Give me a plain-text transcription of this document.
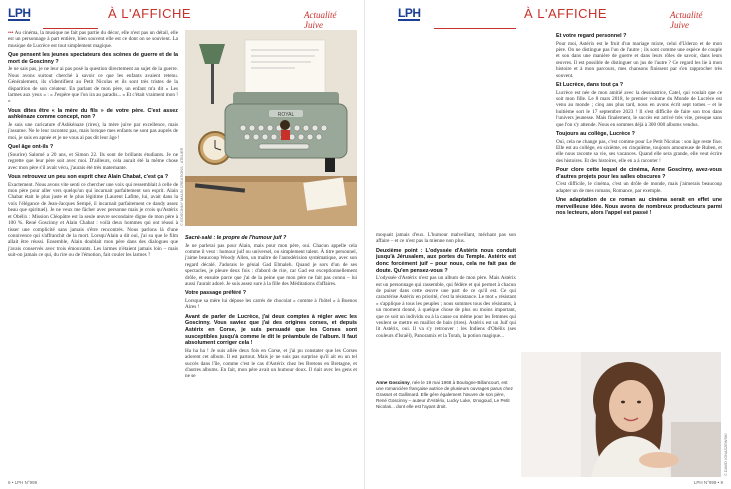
LPH	À L'AFFICHE	Actualité Juive

••• Au cinéma, la musique ne fait pas partie du décor, elle n'est pas un détail, elle est un personnage à part entière, bien souvent elle est ce dont on se souvient. La musique de Lucrèce est tout simplement magique.

Que pensent les jeunes spectateurs des scènes de guerre et de la mort de Goscinny ?

Je ne sais pas, je ne leur ai pas posé la question directement au sujet de la guerre. Nous avons surtout cherché à savoir ce que les enfants avaient retenu. Généralement, ils s'identifient au Petit Nicolas et ils sont très tristes de la disparition de son créateur. En parlant de mon père, un enfant m'a dit « Les larmes aux yeux » : « J'espère que l'on ira au paradis... » Et c'était vraiment mon ! »

Vous dites être « la mère du fils » de votre père. C'est assez ashkénaze comme concept, non ?

Je suis une caricature d'Ashkénaze (rires), la mère juive par excellence, mais j'assume. Ne le leur racontez pas, mais lorsque mes enfants ne sont pas auprès de moi, je suis en apnée et je ne vous ai pas dit leur âge !

Quel âge ont-ils ?

(Sourire) Salomé a 20 ans, et Simon 22. Ils sont de brillants étudiants. Je ne regrette que leur père soit avec moi. D'ailleurs, cela aurait été la même chose avec mon père s'il avait vécu, j'aurais été très maternante.

Vous retrouvez un peu son esprit chez Alain Chabat, c'est ça ?

Exactement. Nous avons vite senti ce chercher une voix qui ressemblait à celle de mon père pour aller vers quelqu'un qui incarnait parfaitement son esprit. Alain Chabat était le plus juste et le plus légitime (Laurent Lafitte, lui, avait dans la voix l'élégance de Jean-Jacques Sempé, il incarnait parfaitement ce dandy assez beau que spirituel). Je ne veux me fâcher avec personne mais je crois qu'Astérix et Obélix : Mission Cléopâtre est la seule œuvre secondaire digne de mon père à 100 %. René Goscinny et Alain Chabat : voilà deux hommes qui ont réussi à tisser une complicité sans jamais s'être rencontrés. Nous parlons là d'une connivence qui s'affranchit de la mort. Lorsqu'Alain a dit oui, j'ai su que le film allait être réussi. Ensemble, Alain doublait mon père dans des dialogues que j'avais conservés avec trois émouvants. Les larmes n'étaient jamais loin – mais suit-on jamais ce qui, du rire ou de l'émotion, fait couler les larmes ?

ROYAL
© GOSCINNY MALIN CREATIONS · ATELIER
Sacré-salé : le propre de l'humour juif ?

Je ne parlerai pas pour Alain, mais pour mon père, oui. Chacun appelle cela comme il veut : humour juif ou universel, ou simplement talent. À titre personnel, j'aime beaucoup Woody Allen, un maître de l'autodérision systématique, avec son regard décalé. J'adorais le génial Gad Elmaleh. Quand je sors d'un de ses spectacles, je pleure deux fois : d'abord de rire, car Gad est exceptionnellement drôle, et ensuite parce que j'ai de la peine que mon père ne fait pas connu – lui aussi l'aurait adoré. Je suis assez sure à la fille des Méditations d'affaires.

Votre passage préféré ?

Lorsque sa mère lui dépose les carrés de chocolat « comme à l'hôtel » à Buenos Aires !

Avant de parler de Lucrèce, j'ai deux comptes à régler avec les Goscinny. Vous saviez que j'ai des origines corses, et depuis Astérix en Corse, je suis persuadé que les Corses sont susceptibles jusqu'à comme le dit le préambule de l'album. Il faut absolument corriger cela !

Ha ha ha ! Je suis allée deux fois en Corse, et j'ai pu constater que les Corses adorent cet album. Il est partout. Mais je ne suis pas surprise qu'il ait eu un tel succès dans l'île, comme c'est le cas d'Astérix chez les Bretons en Bretagne, et d'autres albums. En fait, mon père avait un humour doux. Il riait avec les gens et ne se

6 • LPH N°999
LPH	À L'AFFICHE	Actualité Juive

moquait jamais d'eux. L'humour malveillant, méchant pas son affaire – et ce n'est pas la mienne non plus.

Deuxième point : L'odyssée d'Astérix nous conduit jusqu'à Jérusalem, aux portes du Temple. Astérix est donc forcément juif – pour nous, cela ne fait pas de doute. Qu'en pensez-vous ?

L'odyssée d'Astérix n'est pas un album de mon père. Mais Astérix est un personnage qui rassemble, qui fédère et qui permet à chacun de puiser dans cette œuvre une part de ce qu'il est. Ce qui caractérise Astérix en priorité, c'est la résistance. Le mot « résistant » s'applique à tous les peuples ; nous sommes tous des résistants, à un moment donné, à quelque chose de plus ou moins important, que ce soit un individu ou à la cause ou même pour les femmes qui veulent se mettre en maillot de bain (rires). Astérix est un Juif qui lit Astérix, oui. Il va s'y retrouver : les Indiens d'Obélix (ses couleurs d'Israël), Panoramix et la Torah, la potion magique...

Et votre regard personnel ?

Pour moi, Astérix est le fruit d'un mariage mixte, celui d'Uderzo et de mon père. On ne distingue pas l'un de l'autre ; ils sont comme une espèce de couple et son dans une manière de guerre et dans leurs rôles de savoir, dans leurs œuvres. Il est possible de distinguer un jus de l'autre ? Ce regard les lie à mon histoire et à mon parcours, mes chansons finissent par s'en rapprocher très souvent.

Et Lucrèce, dans tout ça ?

Lucrèce est née de mon amitié avec la dessinatrice, Catel, qui voulait que ce soit mon fille. Le 8 mars 2018, le premier volume du Monde de Lucrèce est venu au monde ; cinq ans plus tard, nous en avons écrit sept tomes – et le huitième sort le 17 septembre 2023 ! Il s'est difficile de faire son trou dans l'univers jeunesse. Mais finalement, le succès est arrivé très vite, presque sans que l'on s'y attende. Nous en sommes déjà à 300 000 albums vendus.

Toujours au collège, Lucrèce ?

Oui, cela ne change pas, c'est comme pour Le Petit Nicolas : son âge reste fixe. Elle est au collège, en sixième, en cinquième, toujours amoureuse de Ruben, et elle nous raconte sa vie, ses vacances. Quand elle sera grande, elle veut écrire des histoires. Et des histoires, elle en a à raconter !

Pour clore cette lequel de cinéma, Anne Goscinny, avez-vous d'autres projets pour les salles obscures ?

C'est difficile, le cinéma, c'est un drôle de monde, mais j'aimerais beaucoup adapter un de mes romans, Romance, par exemple.

Une adaptation de ce roman au cinéma serait en effet une merveilleuse idée. Nous avons de nombreux producteurs parmi nos lecteurs, alors l'appel est passé !
Anne Goscinny, née le 19 mai 1968 à Boulogne-Billancourt, est une romancière française autrice de plusieurs ouvrages parus chez Grasset et Gallimard. Elle gère également l'œuvre de son père, René Goscinny – auteur d'Astérix, Lucky Luke, Iznogoud, Le Petit Nicolas... dont elle est l'ayant droit.
© DAVID IGNASZEWSKI
LPH N°999 • 9
